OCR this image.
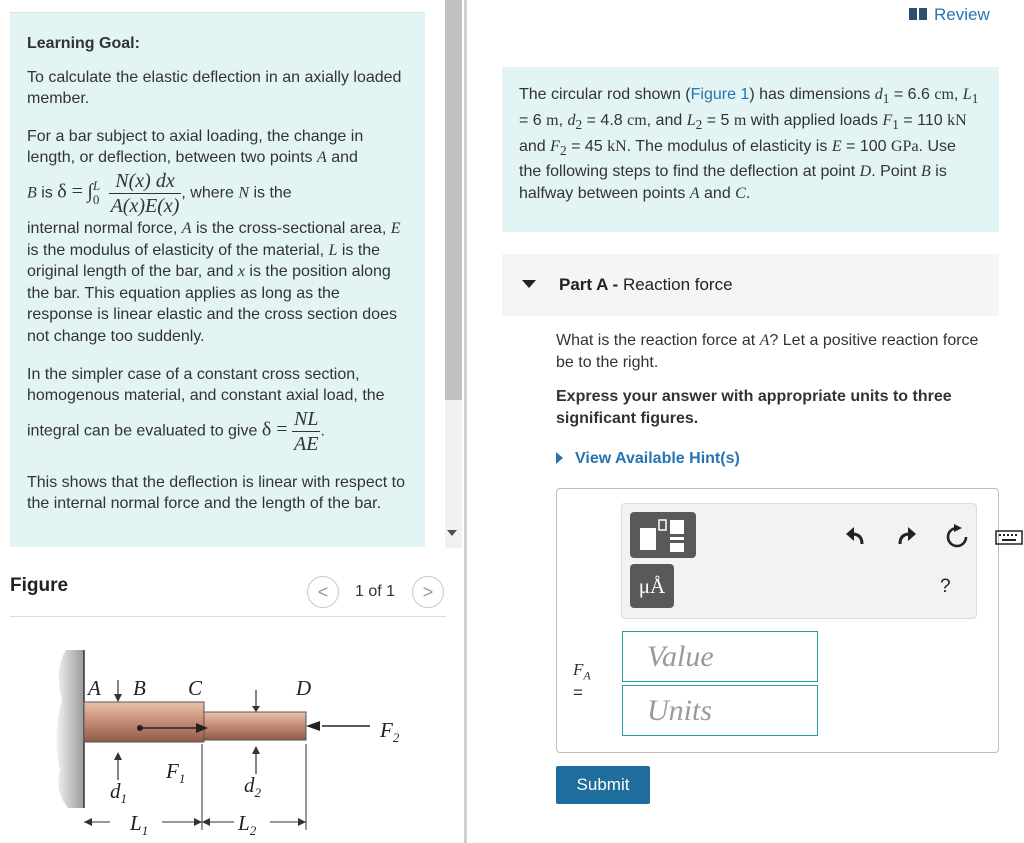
Learning Goal:

To calculate the elastic deflection in an axially loaded member.

For a bar subject to axial loading, the change in length, or deflection, between two points A and
B is δ = ∫ L
0
$\frac{N(x) dx}{A(x)E(x)}$ , where N is the
internal normal force, A is the cross-sectional area, E is the modulus of elasticity of the material, L is the original length of the bar, and x is the position along the bar. This equation applies as long as the response is linear elastic and the cross section does not change too suddenly.

In the simpler case of a constant cross section, homogenous material, and constant axial load, the integral can be evaluated to give $\delta = \frac{NL}{AE}$ .

This shows that the deflection is linear with respect to the internal normal force and the length of the bar.

Figure	<	1 of 1	>
A B C	D
$F_2$
$d_1$
$F_1$	$d_2$
$L_1$	$L_2$
Review
The circular rod shown (Figure 1) has dimensions $d_1 = 6.6$ cm, $L_1 = 6$ m, $d_2 = 4.8$ cm, and $L_2 = 5$ m with applied loads $F_1 = 110$ kN and $F_2 = 45$ kN. The modulus of elasticity is E = 100 GPa. Use the following steps to find the deflection at point D. Point B is halfway between points A and C.
Part A - Reaction force
What is the reaction force at A? Let a positive reaction force be to the right.
Express your answer with appropriate units to three significant figures.
View Available Hint(s)
μÅ	?
$F_A$
=
Value
Units
Submit
